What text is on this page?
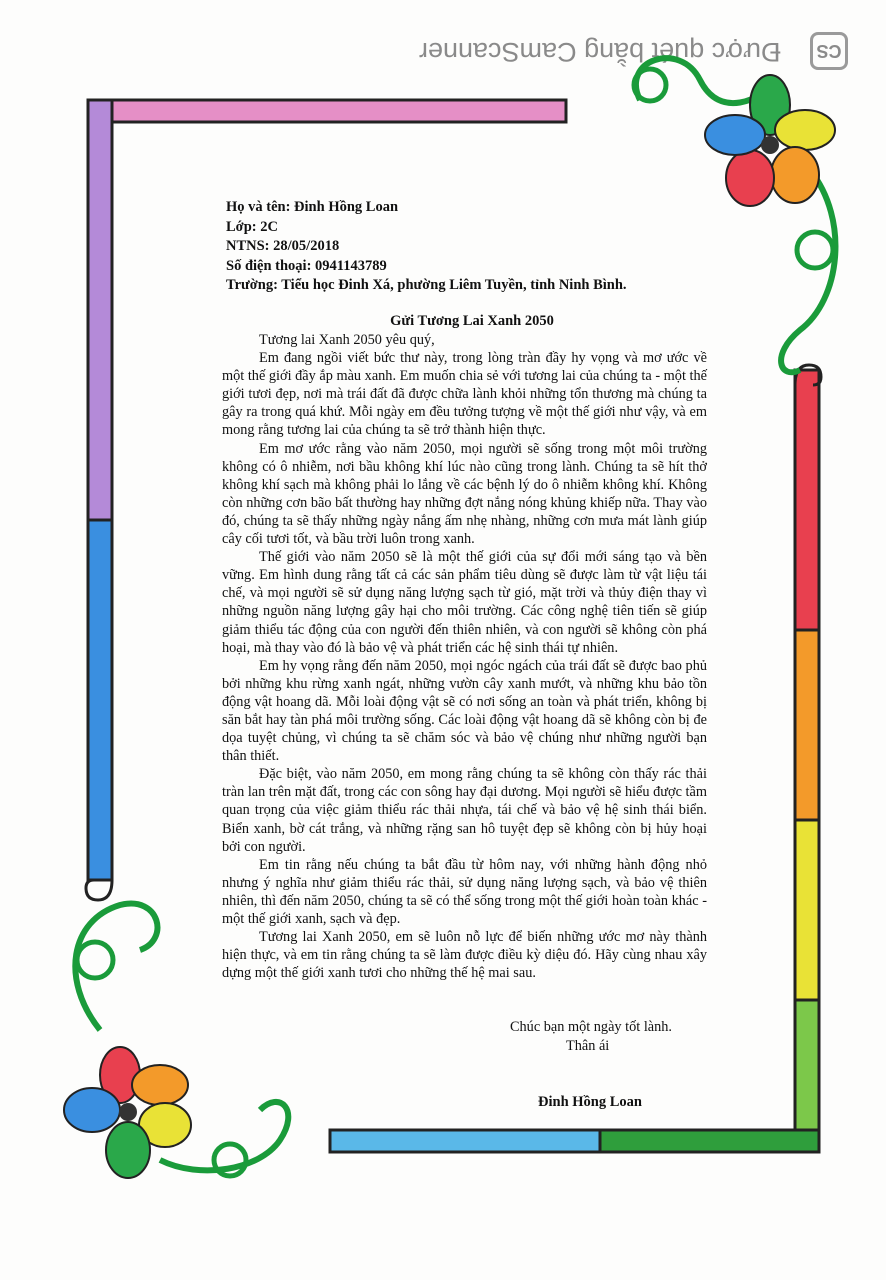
Được quét bằng CamScanner	CS
Họ và tên: Đinh Hồng Loan
Lớp: 2C
NTNS: 28/05/2018
Số điện thoại: 0941143789
Trường: Tiểu học Đinh Xá, phường Liêm Tuyền, tỉnh Ninh Bình.
Gửi Tương Lai Xanh 2050

Tương lai Xanh 2050 yêu quý,

Em đang ngồi viết bức thư này, trong lòng tràn đầy hy vọng và mơ ước về một thế giới đầy ắp màu xanh. Em muốn chia sẻ với tương lai của chúng ta - một thế giới tươi đẹp, nơi mà trái đất đã được chữa lành khỏi những tổn thương mà chúng ta gây ra trong quá khứ. Mỗi ngày em đều tưởng tượng về một thế giới như vậy, và em mong rằng tương lai của chúng ta sẽ trở thành hiện thực.

Em mơ ước rằng vào năm 2050, mọi người sẽ sống trong một môi trường không có ô nhiễm, nơi bầu không khí lúc nào cũng trong lành. Chúng ta sẽ hít thở không khí sạch mà không phải lo lắng về các bệnh lý do ô nhiễm không khí. Không còn những cơn bão bất thường hay những đợt nắng nóng khủng khiếp nữa. Thay vào đó, chúng ta sẽ thấy những ngày nắng ấm nhẹ nhàng, những cơn mưa mát lành giúp cây cối tươi tốt, và bầu trời luôn trong xanh.

Thế giới vào năm 2050 sẽ là một thế giới của sự đổi mới sáng tạo và bền vững. Em hình dung rằng tất cả các sản phẩm tiêu dùng sẽ được làm từ vật liệu tái chế, và mọi người sẽ sử dụng năng lượng sạch từ gió, mặt trời và thủy điện thay vì những nguồn năng lượng gây hại cho môi trường. Các công nghệ tiên tiến sẽ giúp giảm thiểu tác động của con người đến thiên nhiên, và con người sẽ không còn phá hoại, mà thay vào đó là bảo vệ và phát triển các hệ sinh thái tự nhiên.

Em hy vọng rằng đến năm 2050, mọi ngóc ngách của trái đất sẽ được bao phủ bởi những khu rừng xanh ngát, những vườn cây xanh mướt, và những khu bảo tồn động vật hoang dã. Mỗi loài động vật sẽ có nơi sống an toàn và phát triển, không bị săn bắt hay tàn phá môi trường sống. Các loài động vật hoang dã sẽ không còn bị đe dọa tuyệt chủng, vì chúng ta sẽ chăm sóc và bảo vệ chúng như những người bạn thân thiết.

Đặc biệt, vào năm 2050, em mong rằng chúng ta sẽ không còn thấy rác thải tràn lan trên mặt đất, trong các con sông hay đại dương. Mọi người sẽ hiểu được tầm quan trọng của việc giảm thiểu rác thải nhựa, tái chế và bảo vệ hệ sinh thái biển. Biển xanh, bờ cát trắng, và những rặng san hô tuyệt đẹp sẽ không còn bị hủy hoại bởi con người.

Em tin rằng nếu chúng ta bắt đầu từ hôm nay, với những hành động nhỏ nhưng ý nghĩa như giảm thiểu rác thải, sử dụng năng lượng sạch, và bảo vệ thiên nhiên, thì đến năm 2050, chúng ta sẽ có thể sống trong một thế giới hoàn toàn khác - một thế giới xanh, sạch và đẹp.

Tương lai Xanh 2050, em sẽ luôn nỗ lực để biến những ước mơ này thành hiện thực, và em tin rằng chúng ta sẽ làm được điều kỳ diệu đó. Hãy cùng nhau xây dựng một thế giới xanh tươi cho những thế hệ mai sau.

Chúc bạn một ngày tốt lành.
Thân ái
Đinh Hồng Loan
